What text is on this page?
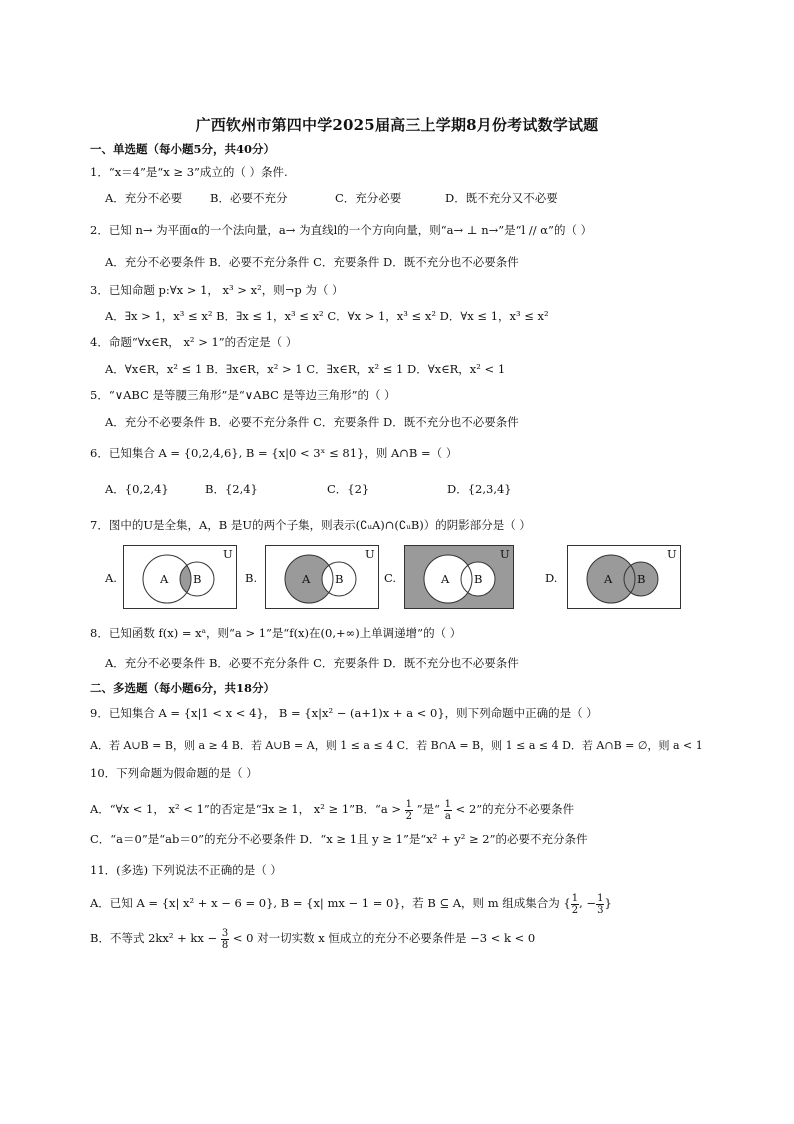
广西钦州市第四中学2025届高三上学期8月份考试数学试题
一、单选题（每小题5分，共40分）
1．“x＝4”是“x ≥ 3”成立的（ ）条件.
A．充分不必要 B．必要不充分	C．充分必要	D．既不充分又不必要
2．已知 n→ 为平面α的一个法向量，a→ 为直线l的一个方向向量，则“a→ ⊥ n→”是“l // α”的（ ）
A．充分不必要条件 B．必要不充分条件 C．充要条件 D．既不充分也不必要条件
3．已知命题 p:∀x > 1， x³ > x²，则¬p 为（ ）
A．∃x > 1，x³ ≤ x² B．∃x ≤ 1，x³ ≤ x² C．∀x > 1，x³ ≤ x² D．∀x ≤ 1，x³ ≤ x²
4．命题“∀x∈R， x² > 1”的否定是（ ）
A．∀x∈R，x² ≤ 1 B．∃x∈R，x² > 1 C．∃x∈R，x² ≤ 1 D．∀x∈R，x² < 1
5．“∨ABC 是等腰三角形”是“∨ABC 是等边三角形”的（ ）
A．充分不必要条件 B．必要不充分条件 C．充要条件 D．既不充分也不必要条件
6．已知集合 A = {0,2,4,6}, B = {x|0 < 3ˣ ≤ 81}，则 A∩B =（ ）
A．{0,2,4}	B．{2,4}	C．{2}	D．{2,3,4}
7．图中的U是全集，A，B 是U的两个子集，则表示(∁ᵤA)∩(∁ᵤB)）的阴影部分是（ ）
A.	A B
U
B.	A B
U
C.	A B
U
D.	A B
U
8．已知函数 f(x) = xᵃ，则“a > 1”是“f(x)在(0,+∞)上单调递增”的（ ）
A．充分不必要条件 B．必要不充分条件 C．充要条件 D．既不充分也不必要条件
二、多选题（每小题6分，共18分）
9．已知集合 A = {x|1 < x < 4}， B = {x|x² − (a+1)x + a < 0}，则下列命题中正确的是（ ）
A．若 A∪B = B，则 a ≥ 4 B．若 A∪B = A，则 1 ≤ a ≤ 4 C．若 B∩A = B，则 1 ≤ a ≤ 4 D．若 A∩B = ∅，则 a < 1
10．下列命题为假命题的是（ ）
A．“∀x < 1， x² < 1”的否定是“∃x ≥ 1， x² ≥ 1”B．“$a > \frac{1}{2}$ ”是“ $\frac{1}{a} < 2$”的充分不必要条件
C．“a＝0”是“ab＝0”的充分不必要条件 D．“x ≥ 1且 y ≥ 1”是“x² + y² ≥ 2”的必要不充分条件
11．(多选) 下列说法不正确的是（ ）
A．已知 A = {x| x² + x − 6 = 0}, B = {x| mx − 1 = 0}，若 B ⊆ A，则 m 组成集合为 { $\frac{1}{2}$ , − $\frac{1}{3}$ }
B．不等式 2kx² + kx − $\frac{3}{8} < 0$ 对一切实数 x 恒成立的充分不必要条件是 −3 < k < 0
